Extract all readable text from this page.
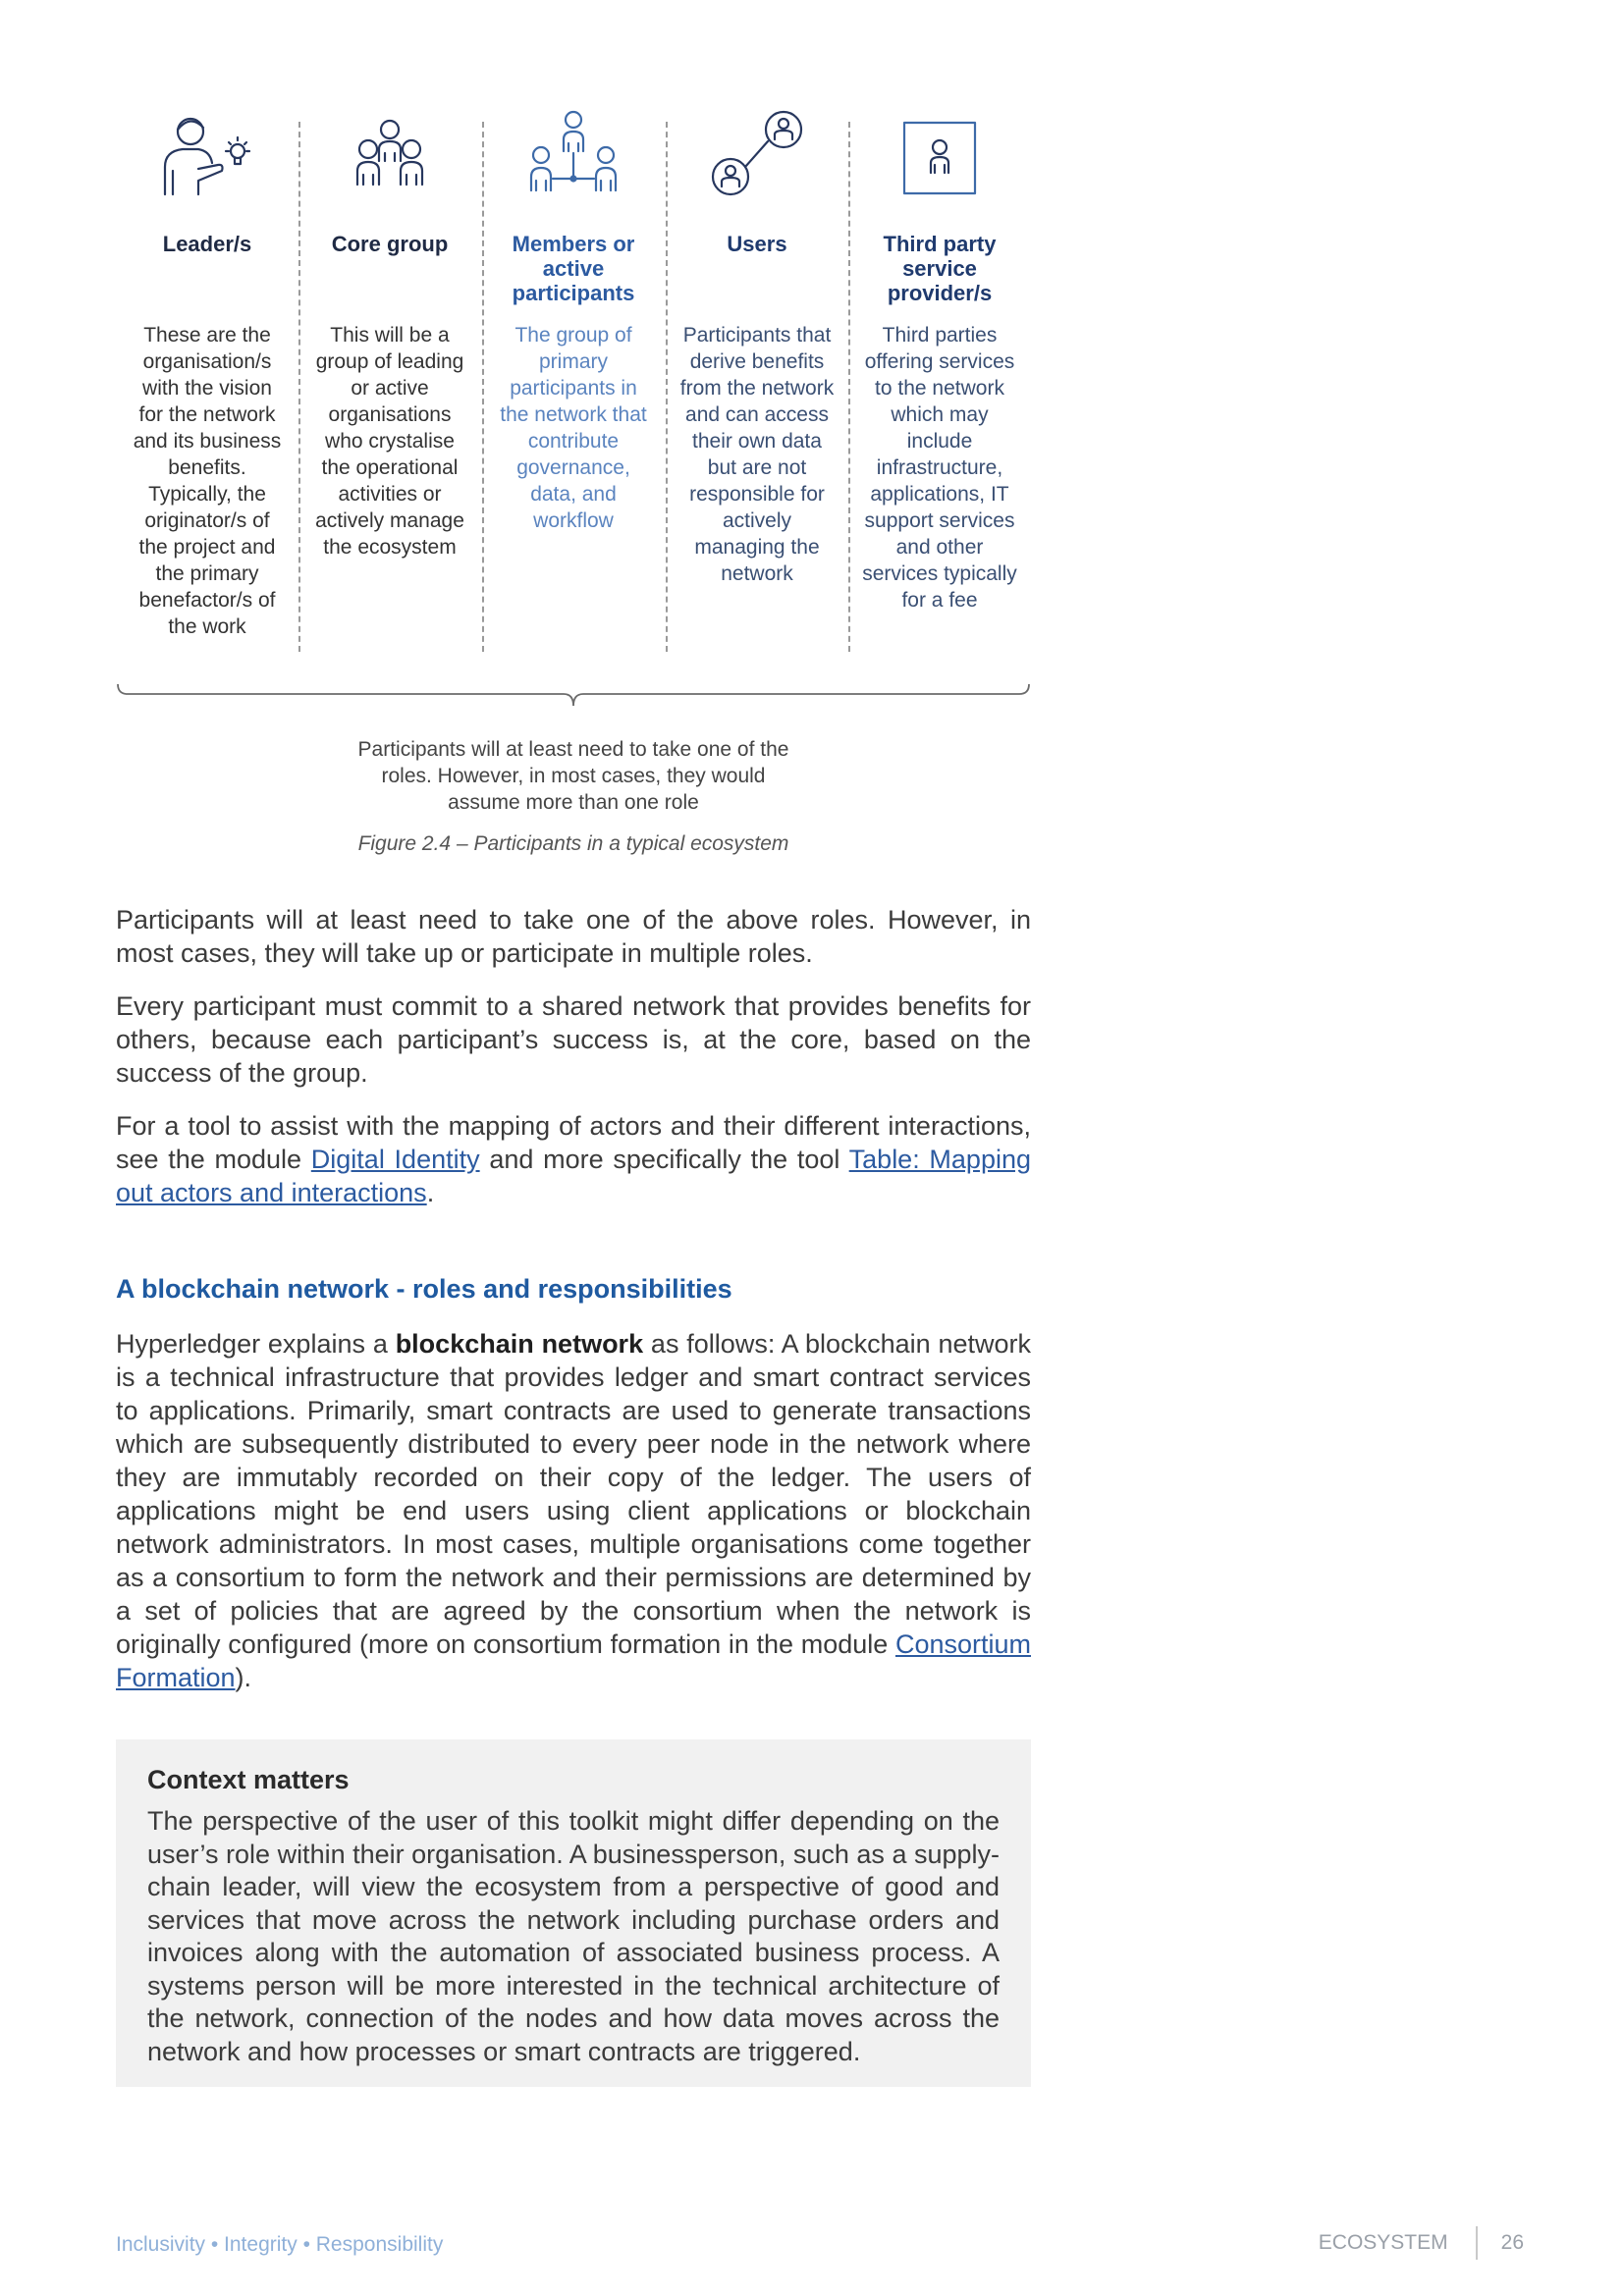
Leader/s
These are the organisation/s with the vision for the network and its business benefits. Typically, the originator/s of the project and the primary benefactor/s of the work
Core group
This will be a group of leading or active organisations who crystalise the operational activities or actively manage the ecosystem
Members or active participants
The group of primary participants in the network that contribute governance, data, and workflow
Users
Participants that derive benefits from the network and can access their own data but are not responsible for actively managing the network
Third party service provider/s
Third parties offering services to the network which may include infrastructure, applications, IT support services and other services typically for a fee
Participants will at least need to take one of the roles. However, in most cases, they would assume more than one role
Figure 2.4 – Participants in a typical ecosystem

Participants will at least need to take one of the above roles. However, in most cases, they will take up or participate in multiple roles.

Every participant must commit to a shared network that provides benefits for others, because each participant’s success is, at the core, based on the success of the group.

For a tool to assist with the mapping of actors and their different interactions, see the module Digital Identity and more specifically the tool Table: Mapping out actors and interactions.

A blockchain network - roles and responsibilities

Hyperledger explains a blockchain network as follows: A blockchain network is a technical infrastructure that provides ledger and smart contract services to applications. Primarily, smart contracts are used to generate transactions which are subsequently distributed to every peer node in the network where they are immutably recorded on their copy of the ledger. The users of applications might be end users using client applications or blockchain network administrators. In most cases, multiple organisations come together as a consortium to form the network and their permissions are determined by a set of policies that are agreed by the consortium when the network is originally configured (more on consortium formation in the module Consortium Formation).

Context matters

The perspective of the user of this toolkit might differ depending on the user’s role within their organisation. A businessperson, such as a supply-chain leader, will view the ecosystem from a perspective of good and services that move across the network including purchase orders and invoices along with the automation of associated business process. A systems person will be more interested in the technical architecture of the network, connection of the nodes and how data moves across the network and how processes or smart contracts are triggered.

Inclusivity • Integrity • Responsibility	ECOSYSTEM	26
